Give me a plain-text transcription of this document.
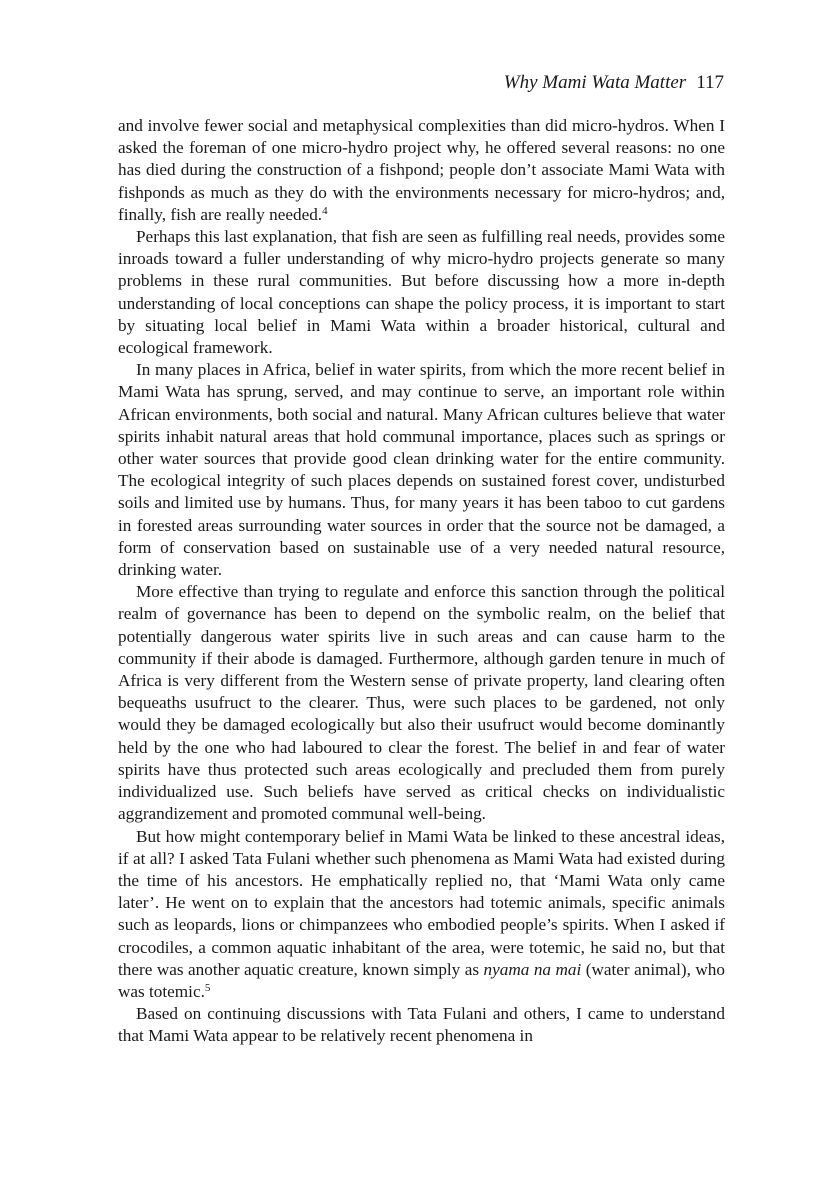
Why Mami Wata Matter 117

and involve fewer social and metaphysical complexities than did micro-hydros. When I asked the foreman of one micro-hydro project why, he offered several reasons: no one has died during the construction of a fishpond; people don’t associate Mami Wata with fishponds as much as they do with the environments necessary for micro-hydros; and, finally, fish are really needed.$^4$

Perhaps this last explanation, that fish are seen as fulfilling real needs, provides some inroads toward a fuller understanding of why micro-hydro projects generate so many problems in these rural communities. But before discussing how a more in-depth understanding of local conceptions can shape the policy process, it is important to start by situating local belief in Mami Wata within a broader historical, cultural and ecological framework.

In many places in Africa, belief in water spirits, from which the more recent belief in Mami Wata has sprung, served, and may continue to serve, an important role within African environments, both social and natural. Many African cultures believe that water spirits inhabit natural areas that hold communal importance, places such as springs or other water sources that provide good clean drinking water for the entire community. The ecological integrity of such places depends on sustained forest cover, undisturbed soils and limited use by humans. Thus, for many years it has been taboo to cut gardens in forested areas surrounding water sources in order that the source not be damaged, a form of conservation based on sustainable use of a very needed natural resource, drinking water.

More effective than trying to regulate and enforce this sanction through the political realm of governance has been to depend on the symbolic realm, on the belief that potentially dangerous water spirits live in such areas and can cause harm to the community if their abode is damaged. Furthermore, although garden tenure in much of Africa is very different from the Western sense of private property, land clearing often bequeaths usufruct to the clearer. Thus, were such places to be gardened, not only would they be damaged ecologically but also their usufruct would become dominantly held by the one who had laboured to clear the forest. The belief in and fear of water spirits have thus protected such areas ecologically and precluded them from purely individualized use. Such beliefs have served as critical checks on individualistic aggrandizement and promoted communal well-being.

But how might contemporary belief in Mami Wata be linked to these ancestral ideas, if at all? I asked Tata Fulani whether such phenomena as Mami Wata had existed during the time of his ancestors. He emphatically replied no, that ‘Mami Wata only came later’. He went on to explain that the ancestors had totemic animals, specific animals such as leopards, lions or chimpanzees who embodied people’s spirits. When I asked if crocodiles, a common aquatic inhabitant of the area, were totemic, he said no, but that there was another aquatic creature, known simply as nyama na mai (water animal), who was totemic.$^5$

Based on continuing discussions with Tata Fulani and others, I came to understand that Mami Wata appear to be relatively recent phenomena in
